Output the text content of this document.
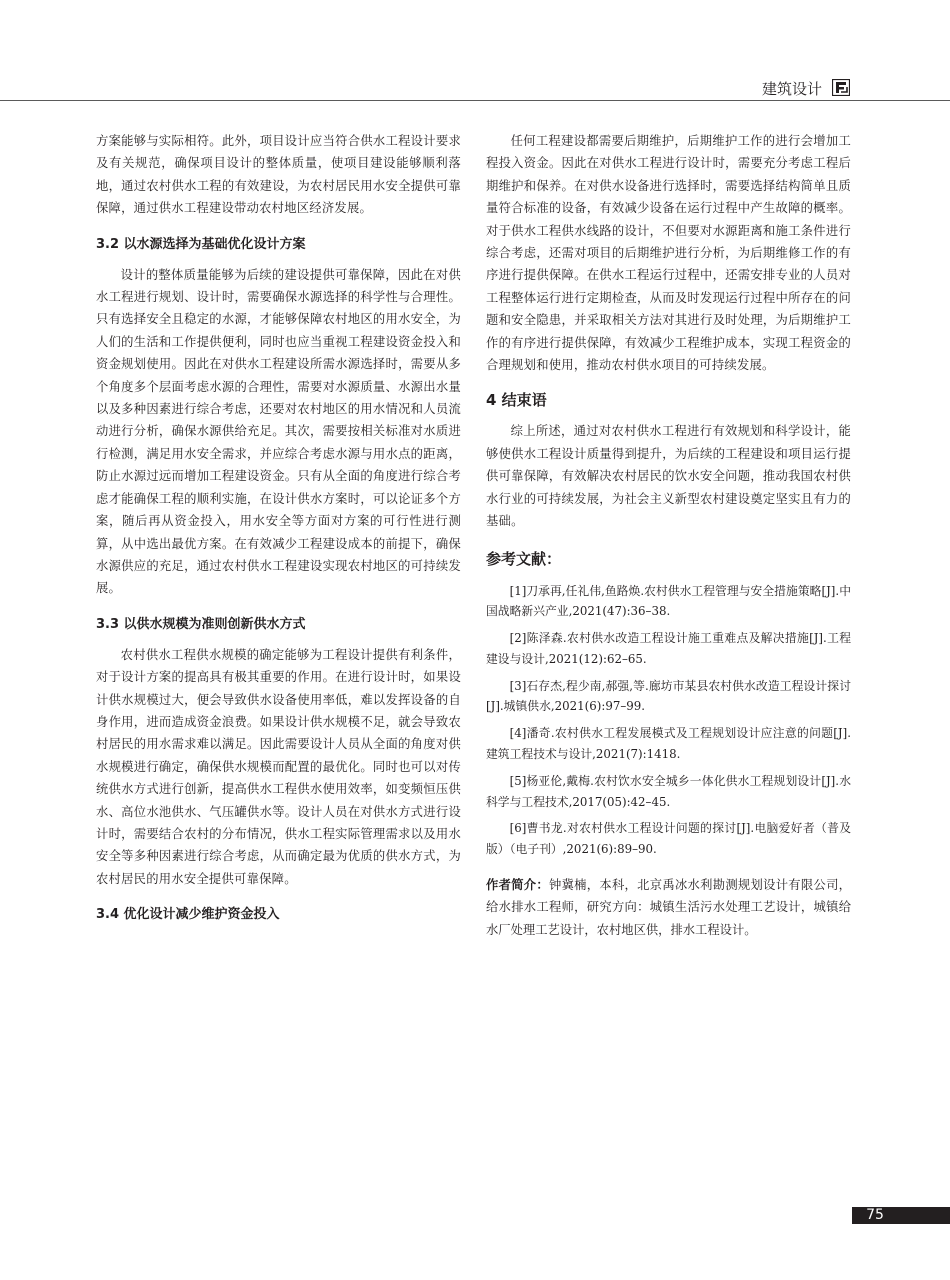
建筑设计

方案能够与实际相符。此外，项目设计应当符合供水工程设计要求及有关规范，确保项目设计的整体质量，使项目建设能够顺利落地，通过农村供水工程的有效建设，为农村居民用水安全提供可靠保障，通过供水工程建设带动农村地区经济发展。

3.2 以水源选择为基础优化设计方案

设计的整体质量能够为后续的建设提供可靠保障，因此在对供水工程进行规划、设计时，需要确保水源选择的科学性与合理性。只有选择安全且稳定的水源，才能够保障农村地区的用水安全，为人们的生活和工作提供便利，同时也应当重视工程建设资金投入和资金规划使用。因此在对供水工程建设所需水源选择时，需要从多个角度多个层面考虑水源的合理性，需要对水源质量、水源出水量以及多种因素进行综合考虑，还要对农村地区的用水情况和人员流动进行分析，确保水源供给充足。其次，需要按相关标准对水质进行检测，满足用水安全需求，并应综合考虑水源与用水点的距离，防止水源过远而增加工程建设资金。只有从全面的角度进行综合考虑才能确保工程的顺利实施，在设计供水方案时，可以论证多个方案，随后再从资金投入，用水安全等方面对方案的可行性进行测算，从中选出最优方案。在有效减少工程建设成本的前提下，确保水源供应的充足，通过农村供水工程建设实现农村地区的可持续发展。

3.3 以供水规模为准则创新供水方式

农村供水工程供水规模的确定能够为工程设计提供有利条件，对于设计方案的提高具有极其重要的作用。在进行设计时，如果设计供水规模过大，便会导致供水设备使用率低，难以发挥设备的自身作用，进而造成资金浪费。如果设计供水规模不足，就会导致农村居民的用水需求难以满足。因此需要设计人员从全面的角度对供水规模进行确定，确保供水规模而配置的最优化。同时也可以对传统供水方式进行创新，提高供水工程供水使用效率，如变频恒压供水、高位水池供水、气压罐供水等。设计人员在对供水方式进行设计时，需要结合农村的分布情况，供水工程实际管理需求以及用水安全等多种因素进行综合考虑，从而确定最为优质的供水方式，为农村居民的用水安全提供可靠保障。

3.4 优化设计减少维护资金投入

任何工程建设都需要后期维护，后期维护工作的进行会增加工程投入资金。因此在对供水工程进行设计时，需要充分考虑工程后期维护和保养。在对供水设备进行选择时，需要选择结构简单且质量符合标准的设备，有效减少设备在运行过程中产生故障的概率。对于供水工程供水线路的设计，不但要对水源距离和施工条件进行综合考虑，还需对项目的后期维护进行分析，为后期维修工作的有序进行提供保障。在供水工程运行过程中，还需安排专业的人员对工程整体运行进行定期检查，从而及时发现运行过程中所存在的问题和安全隐患，并采取相关方法对其进行及时处理，为后期维护工作的有序进行提供保障，有效减少工程维护成本，实现工程资金的合理规划和使用，推动农村供水项目的可持续发展。

4 结束语

综上所述，通过对农村供水工程进行有效规划和科学设计，能够使供水工程设计质量得到提升，为后续的工程建设和项目运行提供可靠保障，有效解决农村居民的饮水安全问题，推动我国农村供水行业的可持续发展，为社会主义新型农村建设奠定坚实且有力的基础。

参考文献：
[1]刀承再,任礼伟,鱼路焕.农村供水工程管理与安全措施策略[J].中国战略新兴产业,2021(47):36–38.
[2]陈泽森.农村供水改造工程设计施工重难点及解决措施[J].工程建设与设计,2021(12):62–65.
[3]石存杰,程少南,郝强,等.廊坊市某县农村供水改造工程设计探讨[J].城镇供水,2021(6):97–99.
[4]潘奇.农村供水工程发展模式及工程规划设计应注意的问题[J].建筑工程技术与设计,2021(7):1418.
[5]杨亚伦,戴梅.农村饮水安全城乡一体化供水工程规划设计[J].水科学与工程技术,2017(05):42–45.
[6]曹书龙.对农村供水工程设计问题的探讨[J].电脑爱好者（普及版）（电子刊）,2021(6):89–90.
作者简介：钟冀楠，本科，北京禹冰水利勘测规划设计有限公司，给水排水工程师，研究方向：城镇生活污水处理工艺设计，城镇给水厂处理工艺设计，农村地区供，排水工程设计。
75
